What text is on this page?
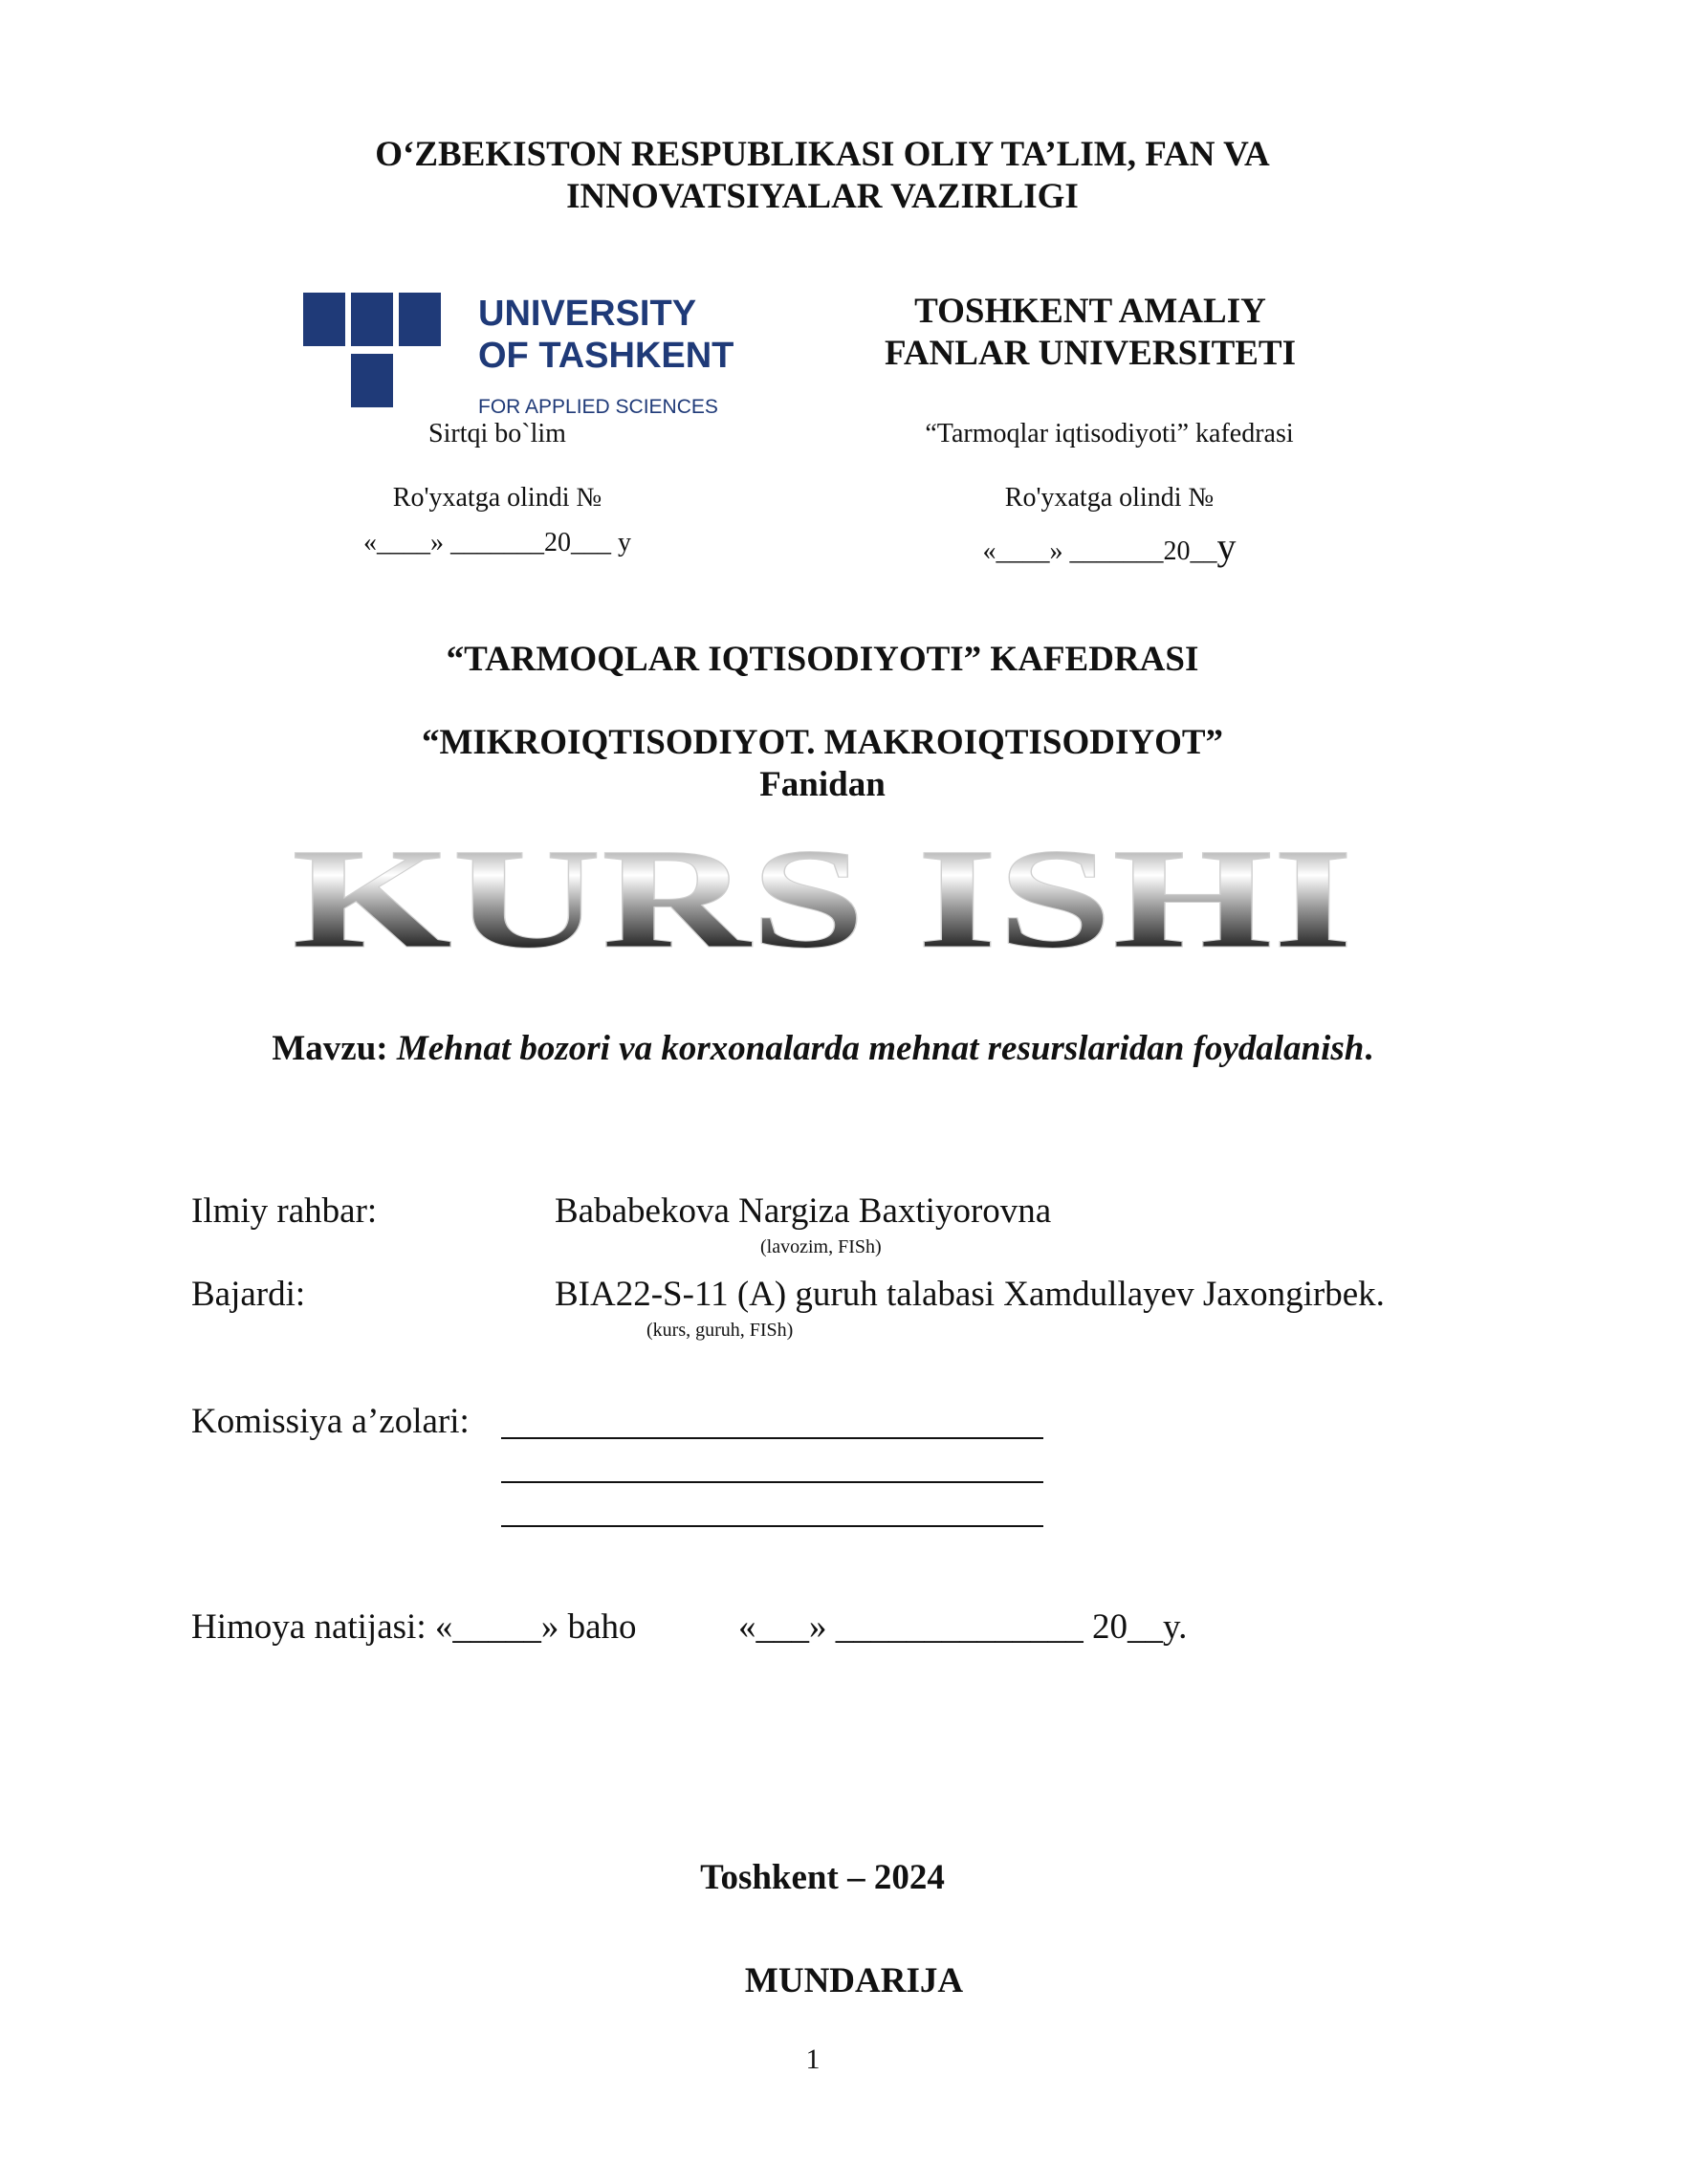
O‘ZBEKISTON RESPUBLIKASI OLIY TA’LIM, FAN VA
INNOVATSIYALAR VAZIRLIGI
UNIVERSITY
OF TASHKENT
FOR APPLIED SCIENCES
TOSHKENT AMALIY
FANLAR UNIVERSITETI
Sirtqi bo`lim
Ro'yxatga olindi №
«____» _______20___ y
“Tarmoqlar iqtisodiyoti” kafedrasi
Ro'yxatga olindi №
«____» _______20__y
“TARMOQLAR IQTISODIYOTI” KAFEDRASI
“MIKROIQTISODIYOT. MAKROIQTISODIYOT”
Fanidan
KURS ISHI
Mavzu: Mehnat bozori va korxonalarda mehnat resurslaridan foydalanish.
Ilmiy rahbar:	Bababekova Nargiza Baxtiyorovna
(lavozim, FISh)
Bajardi:	BIA22-S-11 (A) guruh talabasi Xamdullayev Jaxongirbek.
(kurs, guruh, FISh)
Komissiya a’zolari:
Himoya natijasi: «_____» baho	«___» ______________ 20__y.
Toshkent – 2024
MUNDARIJA
1
